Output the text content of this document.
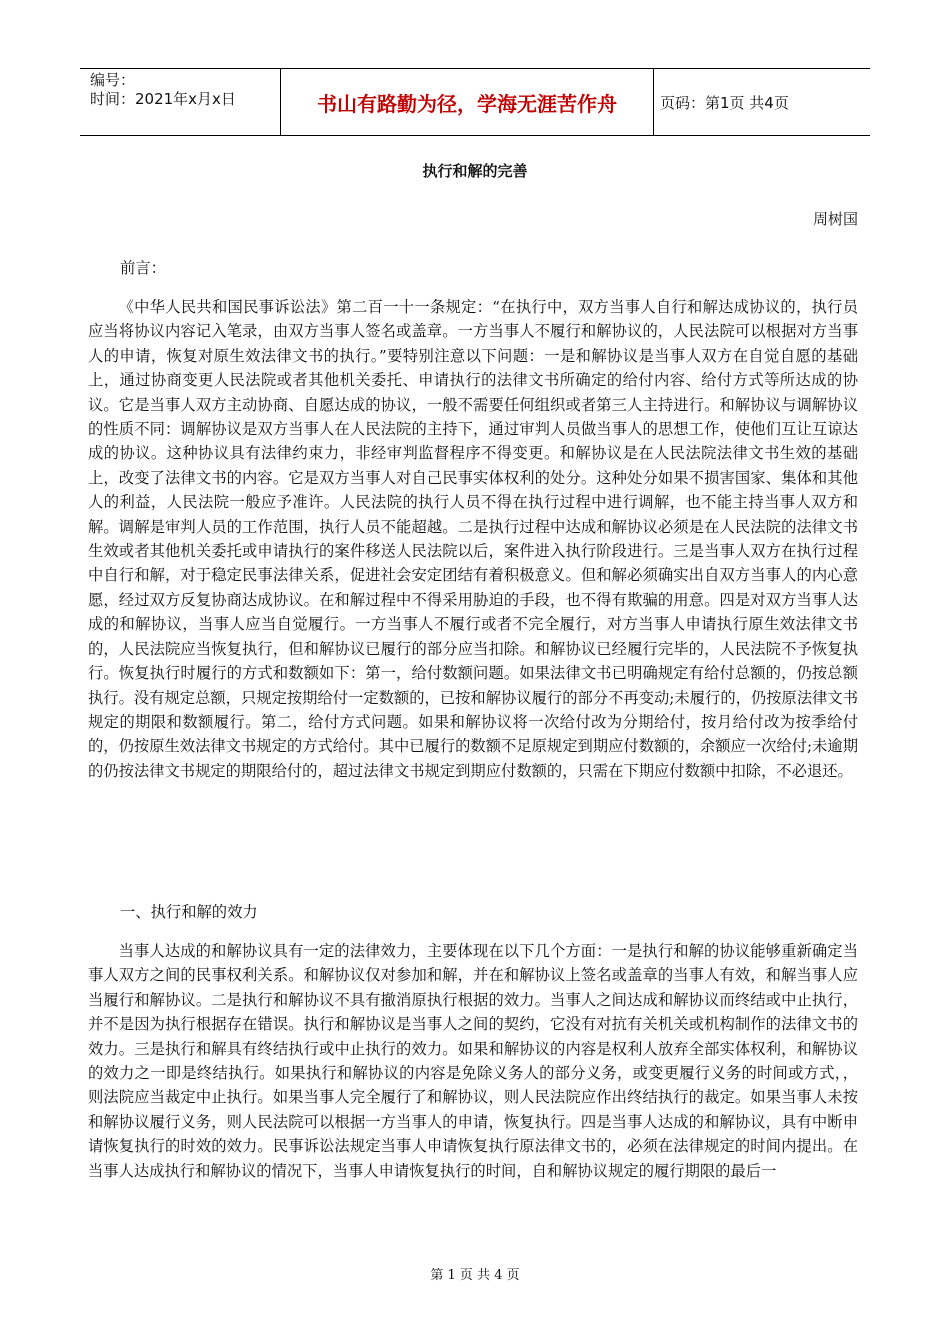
编号：
时间：2021年x月x日	书山有路勤为径，学海无涯苦作舟	页码：第1页 共4页
执行和解的完善
周树国
前言：

《中华人民共和国民事诉讼法》第二百一十一条规定：“在执行中，双方当事人自行和解达成协议的，执行员应当将协议内容记入笔录，由双方当事人签名或盖章。一方当事人不履行和解协议的，人民法院可以根据对方当事人的申请，恢复对原生效法律文书的执行。”要特别注意以下问题：一是和解协议是当事人双方在自觉自愿的基础上，通过协商变更人民法院或者其他机关委托、申请执行的法律文书所确定的给付内容、给付方式等所达成的协议。它是当事人双方主动协商、自愿达成的协议，一般不需要任何组织或者第三人主持进行。和解协议与调解协议的性质不同：调解协议是双方当事人在人民法院的主持下，通过审判人员做当事人的思想工作，使他们互让互谅达成的协议。这种协议具有法律约束力，非经审判监督程序不得变更。和解协议是在人民法院法律文书生效的基础上，改变了法律文书的内容。它是双方当事人对自己民事实体权利的处分。这种处分如果不损害国家、集体和其他人的利益，人民法院一般应予准许。人民法院的执行人员不得在执行过程中进行调解，也不能主持当事人双方和解。调解是审判人员的工作范围，执行人员不能超越。二是执行过程中达成和解协议必须是在人民法院的法律文书生效或者其他机关委托或申请执行的案件移送人民法院以后，案件进入执行阶段进行。三是当事人双方在执行过程中自行和解，对于稳定民事法律关系，促进社会安定团结有着积极意义。但和解必须确实出自双方当事人的内心意愿，经过双方反复协商达成协议。在和解过程中不得采用胁迫的手段，也不得有欺骗的用意。四是对双方当事人达成的和解协议，当事人应当自觉履行。一方当事人不履行或者不完全履行，对方当事人申请执行原生效法律文书的，人民法院应当恢复执行，但和解协议已履行的部分应当扣除。和解协议已经履行完毕的，人民法院不予恢复执行。恢复执行时履行的方式和数额如下：第一，给付数额问题。如果法律文书已明确规定有给付总额的，仍按总额执行。没有规定总额，只规定按期给付一定数额的，已按和解协议履行的部分不再变动;未履行的，仍按原法律文书规定的期限和数额履行。第二，给付方式问题。如果和解协议将一次给付改为分期给付，按月给付改为按季给付的，仍按原生效法律文书规定的方式给付。其中已履行的数额不足原规定到期应付数额的，余额应一次给付;未逾期的仍按法律文书规定的期限给付的，超过法律文书规定到期应付数额的，只需在下期应付数额中扣除，不必退还。

一、执行和解的效力

当事人达成的和解协议具有一定的法律效力，主要体现在以下几个方面：一是执行和解的协议能够重新确定当事人双方之间的民事权利关系。和解协议仅对参加和解，并在和解协议上签名或盖章的当事人有效，和解当事人应当履行和解协议。二是执行和解协议不具有撤消原执行根据的效力。当事人之间达成和解协议而终结或中止执行，并不是因为执行根据存在错误。执行和解协议是当事人之间的契约，它没有对抗有关机关或机构制作的法律文书的效力。三是执行和解具有终结执行或中止执行的效力。如果和解协议的内容是权利人放弃全部实体权利，和解协议的效力之一即是终结执行。如果执行和解协议的内容是免除义务人的部分义务，或变更履行义务的时间或方式，，则法院应当裁定中止执行。如果当事人完全履行了和解协议，则人民法院应作出终结执行的裁定。如果当事人未按和解协议履行义务，则人民法院可以根据一方当事人的申请，恢复执行。四是当事人达成的和解协议，具有中断申请恢复执行的时效的效力。民事诉讼法规定当事人申请恢复执行原法律文书的，必须在法律规定的时间内提出。在当事人达成执行和解协议的情况下，当事人申请恢复执行的时间，自和解协议规定的履行期限的最后一

第 1 页 共 4 页
